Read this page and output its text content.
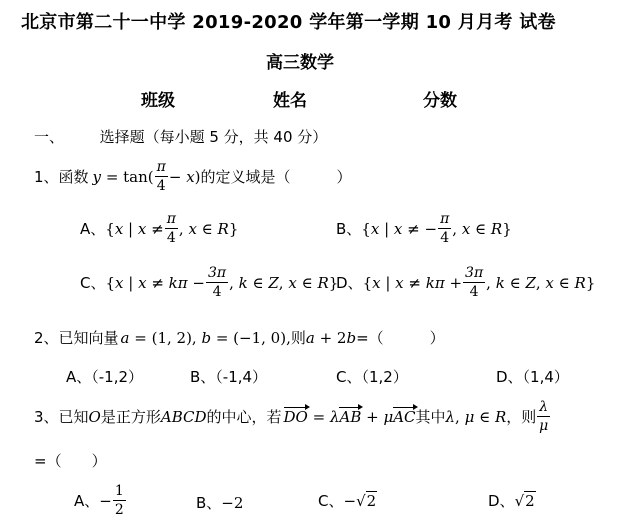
北京市第二十一中学 2019-2020 学年第一学期 10 月月考 试卷
高三数学
班级	姓名	分数
一、 选择题（每小题 5 分，共 40 分）
1、函数 $y = \tan( \frac{\pi}{4} - x)$ 的定义域是（	）
A、 {x | $x \ne \frac{\pi}{4}$ , x ∈ R}	B、 {x | x ≠ − $\frac{\pi}{4}$ , x ∈ R}
C、 {x | $x \ne k\pi - \frac{3\pi}{4}$ , k ∈ Z, x ∈ R}
D、 {x | $x \ne k\pi + \frac{3\pi}{4}$ , k ∈ Z, x ∈ R}
2、已知向量 a = (1, 2), b = (−1, 0), 则 a + 2b =（	）
A、（-1,2）	B、（-1,4）	C、（1,2）	D、（1,4）
3、已知 O 是正方形 ABCD 的中心，若 DO = λAB + μAC 其中 λ, μ ∈ R ，则 $\frac{\lambda}{\mu}$
=（ ）
A、 − $\frac{1}{2}$	B、 −2	C、 − √ 2	D、 √ 2
